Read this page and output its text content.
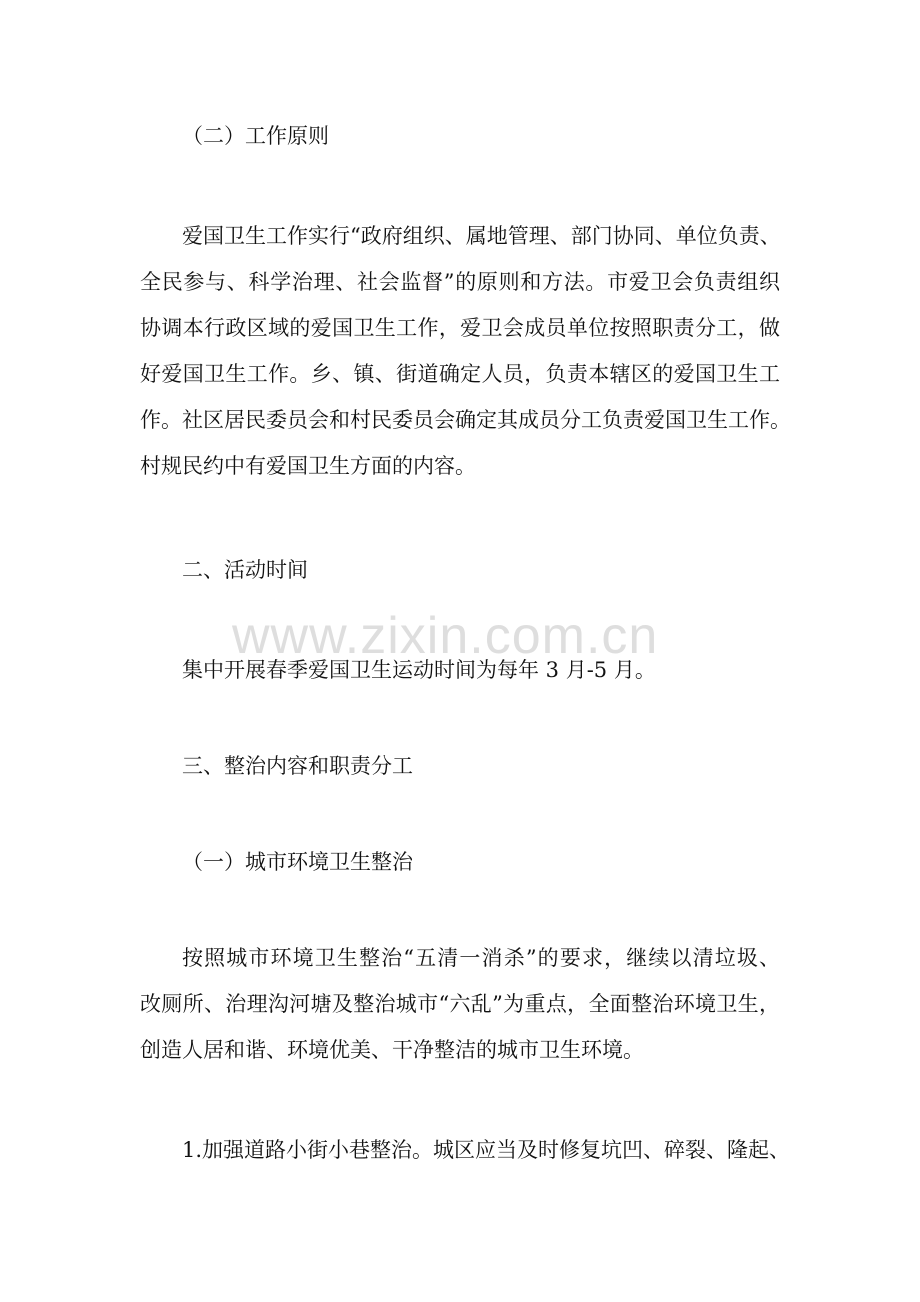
（二）工作原则

爱国卫生工作实行“政府组织、属地管理、部门协同、单位负责、

全民参与、科学治理、社会监督”的原则和方法。市爱卫会负责组织

协调本行政区域的爱国卫生工作，爱卫会成员单位按照职责分工，做

好爱国卫生工作。乡、镇、街道确定人员，负责本辖区的爱国卫生工

作。社区居民委员会和村民委员会确定其成员分工负责爱国卫生工作。

村规民约中有爱国卫生方面的内容。

二、活动时间

集中开展春季爱国卫生运动时间为每年 3 月-5 月。

三、整治内容和职责分工

（一）城市环境卫生整治

按照城市环境卫生整治“五清一消杀”的要求，继续以清垃圾、

改厕所、治理沟河塘及整治城市“六乱”为重点，全面整治环境卫生，

创造人居和谐、环境优美、干净整洁的城市卫生环境。

1.加强道路小街小巷整治。城区应当及时修复坑凹、碎裂、隆起、

www.zixin.com.cn
